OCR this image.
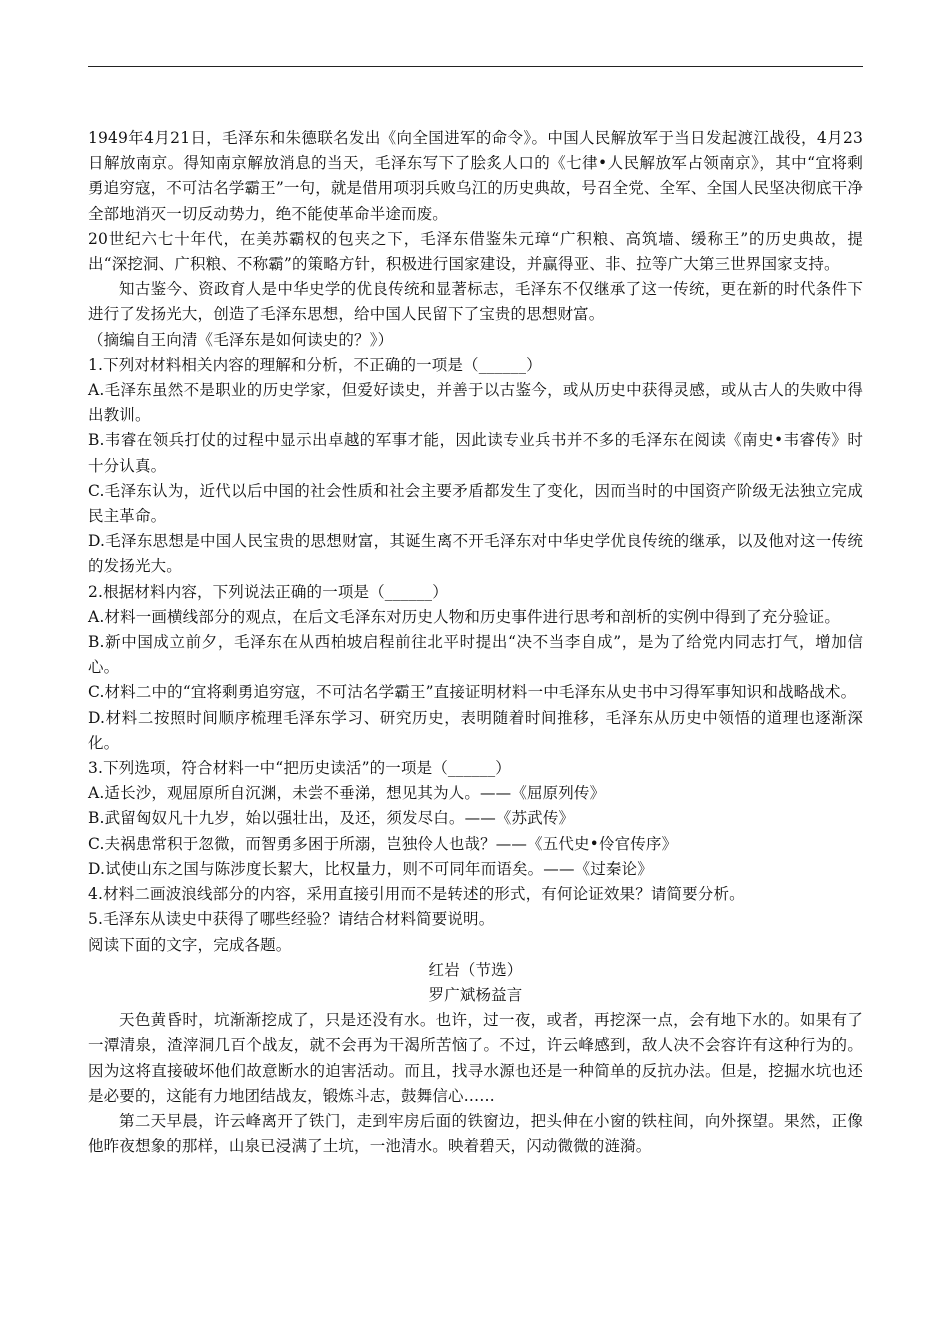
1949年4月21日，毛泽东和朱德联名发出《向全国进军的命令》。中国人民解放军于当日发起渡江战役，4月23日解放南京。得知南京解放消息的当天，毛泽东写下了脍炙人口的《七律•人民解放军占领南京》，其中“宜将剩勇追穷寇，不可沽名学霸王”一句，就是借用项羽兵败乌江的历史典故，号召全党、全军、全国人民坚决彻底干净全部地消灭一切反动势力，绝不能使革命半途而废。

20世纪六七十年代，在美苏霸权的包夹之下，毛泽东借鉴朱元璋“广积粮、高筑墙、缓称王”的历史典故，提出“深挖洞、广积粮、不称霸”的策略方针，积极进行国家建设，并赢得亚、非、拉等广大第三世界国家支持。

知古鉴今、资政育人是中华史学的优良传统和显著标志，毛泽东不仅继承了这一传统，更在新的时代条件下进行了发扬光大，创造了毛泽东思想，给中国人民留下了宝贵的思想财富。

（摘编自王向清《毛泽东是如何读史的？》）

1.下列对材料相关内容的理解和分析，不正确的一项是（______）

A.毛泽东虽然不是职业的历史学家，但爱好读史，并善于以古鉴今，或从历史中获得灵感，或从古人的失败中得出教训。

B.韦睿在领兵打仗的过程中显示出卓越的军事才能，因此读专业兵书并不多的毛泽东在阅读《南史•韦睿传》时十分认真。

C.毛泽东认为，近代以后中国的社会性质和社会主要矛盾都发生了变化，因而当时的中国资产阶级无法独立完成民主革命。

D.毛泽东思想是中国人民宝贵的思想财富，其诞生离不开毛泽东对中华史学优良传统的继承，以及他对这一传统的发扬光大。

2.根据材料内容，下列说法正确的一项是（______）

A.材料一画横线部分的观点，在后文毛泽东对历史人物和历史事件进行思考和剖析的实例中得到了充分验证。

B.新中国成立前夕，毛泽东在从西柏坡启程前往北平时提出“决不当李自成”，是为了给党内同志打气，增加信心。

C.材料二中的“宜将剩勇追穷寇，不可沽名学霸王”直接证明材料一中毛泽东从史书中习得军事知识和战略战术。

D.材料二按照时间顺序梳理毛泽东学习、研究历史，表明随着时间推移，毛泽东从历史中领悟的道理也逐渐深化。

3.下列选项，符合材料一中“把历史读活”的一项是（______）

A.适长沙，观屈原所自沉渊，未尝不垂涕，想见其为人。——《屈原列传》

B.武留匈奴凡十九岁，始以强壮出，及还，须发尽白。——《苏武传》

C.夫祸患常积于忽微，而智勇多困于所溺，岂独伶人也哉？——《五代史•伶官传序》

D.试使山东之国与陈涉度长絜大，比权量力，则不可同年而语矣。——《过秦论》

4.材料二画波浪线部分的内容，采用直接引用而不是转述的形式，有何论证效果？请简要分析。

5.毛泽东从读史中获得了哪些经验？请结合材料简要说明。

阅读下面的文字，完成各题。

红岩（节选）

罗广斌杨益言

天色黄昏时，坑渐渐挖成了，只是还没有水。也许，过一夜，或者，再挖深一点，会有地下水的。如果有了一潭清泉，渣滓洞几百个战友，就不会再为干渴所苦恼了。不过，许云峰感到，敌人决不会容许有这种行为的。因为这将直接破坏他们故意断水的迫害活动。而且，找寻水源也还是一种简单的反抗办法。但是，挖掘水坑也还是必要的，这能有力地团结战友，锻炼斗志，鼓舞信心……

第二天早晨，许云峰离开了铁门，走到牢房后面的铁窗边，把头伸在小窗的铁柱间，向外探望。果然，正像他昨夜想象的那样，山泉已浸满了土坑，一池清水。映着碧天，闪动微微的涟漪。
